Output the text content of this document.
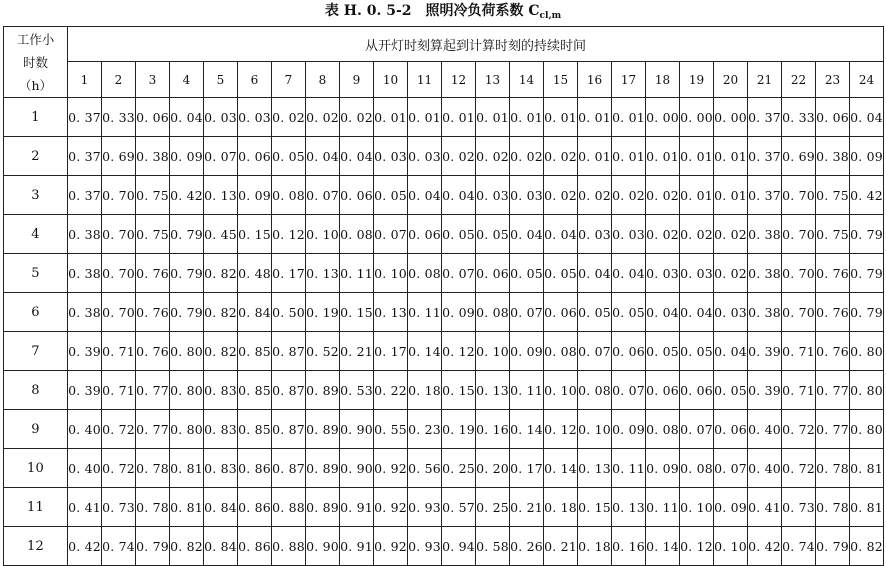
表 H. 0. 5-2　照明冷负荷系数 $C_{cl,m}$
工作小
时数
（h）	从开灯时刻算起到计算时刻的持续时间																							
	1	2	3	4	5	6	7	8	9	10	11	12	13	14	15	16	17	18	19	20	21	22	23	24
1	0. 37	0. 33	0. 06	0. 04	0. 03	0. 03	0. 02	0. 02	0. 02	0. 01	0. 01	0. 01	0. 01	0. 01	0. 01	0. 01	0. 01	0. 00	0. 00	0. 00	0. 37	0. 33	0. 06	0. 04
2	0. 37	0. 69	0. 38	0. 09	0. 07	0. 06	0. 05	0. 04	0. 04	0. 03	0. 03	0. 02	0. 02	0. 02	0. 02	0. 01	0. 01	0. 01	0. 01	0. 01	0. 37	0. 69	0. 38	0. 09
3	0. 37	0. 70	0. 75	0. 42	0. 13	0. 09	0. 08	0. 07	0. 06	0. 05	0. 04	0. 04	0. 03	0. 03	0. 02	0. 02	0. 02	0. 02	0. 01	0. 01	0. 37	0. 70	0. 75	0. 42
4	0. 38	0. 70	0. 75	0. 79	0. 45	0. 15	0. 12	0. 10	0. 08	0. 07	0. 06	0. 05	0. 05	0. 04	0. 04	0. 03	0. 03	0. 02	0. 02	0. 02	0. 38	0. 70	0. 75	0. 79
5	0. 38	0. 70	0. 76	0. 79	0. 82	0. 48	0. 17	0. 13	0. 11	0. 10	0. 08	0. 07	0. 06	0. 05	0. 05	0. 04	0. 04	0. 03	0. 03	0. 02	0. 38	0. 70	0. 76	0. 79
6	0. 38	0. 70	0. 76	0. 79	0. 82	0. 84	0. 50	0. 19	0. 15	0. 13	0. 11	0. 09	0. 08	0. 07	0. 06	0. 05	0. 05	0. 04	0. 04	0. 03	0. 38	0. 70	0. 76	0. 79
7	0. 39	0. 71	0. 76	0. 80	0. 82	0. 85	0. 87	0. 52	0. 21	0. 17	0. 14	0. 12	0. 10	0. 09	0. 08	0. 07	0. 06	0. 05	0. 05	0. 04	0. 39	0. 71	0. 76	0. 80
8	0. 39	0. 71	0. 77	0. 80	0. 83	0. 85	0. 87	0. 89	0. 53	0. 22	0. 18	0. 15	0. 13	0. 11	0. 10	0. 08	0. 07	0. 06	0. 06	0. 05	0. 39	0. 71	0. 77	0. 80
9	0. 40	0. 72	0. 77	0. 80	0. 83	0. 85	0. 87	0. 89	0. 90	0. 55	0. 23	0. 19	0. 16	0. 14	0. 12	0. 10	0. 09	0. 08	0. 07	0. 06	0. 40	0. 72	0. 77	0. 80
10	0. 40	0. 72	0. 78	0. 81	0. 83	0. 86	0. 87	0. 89	0. 90	0. 92	0. 56	0. 25	0. 20	0. 17	0. 14	0. 13	0. 11	0. 09	0. 08	0. 07	0. 40	0. 72	0. 78	0. 81
11	0. 41	0. 73	0. 78	0. 81	0. 84	0. 86	0. 88	0. 89	0. 91	0. 92	0. 93	0. 57	0. 25	0. 21	0. 18	0. 15	0. 13	0. 11	0. 10	0. 09	0. 41	0. 73	0. 78	0. 81
12	0. 42	0. 74	0. 79	0. 82	0. 84	0. 86	0. 88	0. 90	0. 91	0. 92	0. 93	0. 94	0. 58	0. 26	0. 21	0. 18	0. 16	0. 14	0. 12	0. 10	0. 42	0. 74	0. 79	0. 82
